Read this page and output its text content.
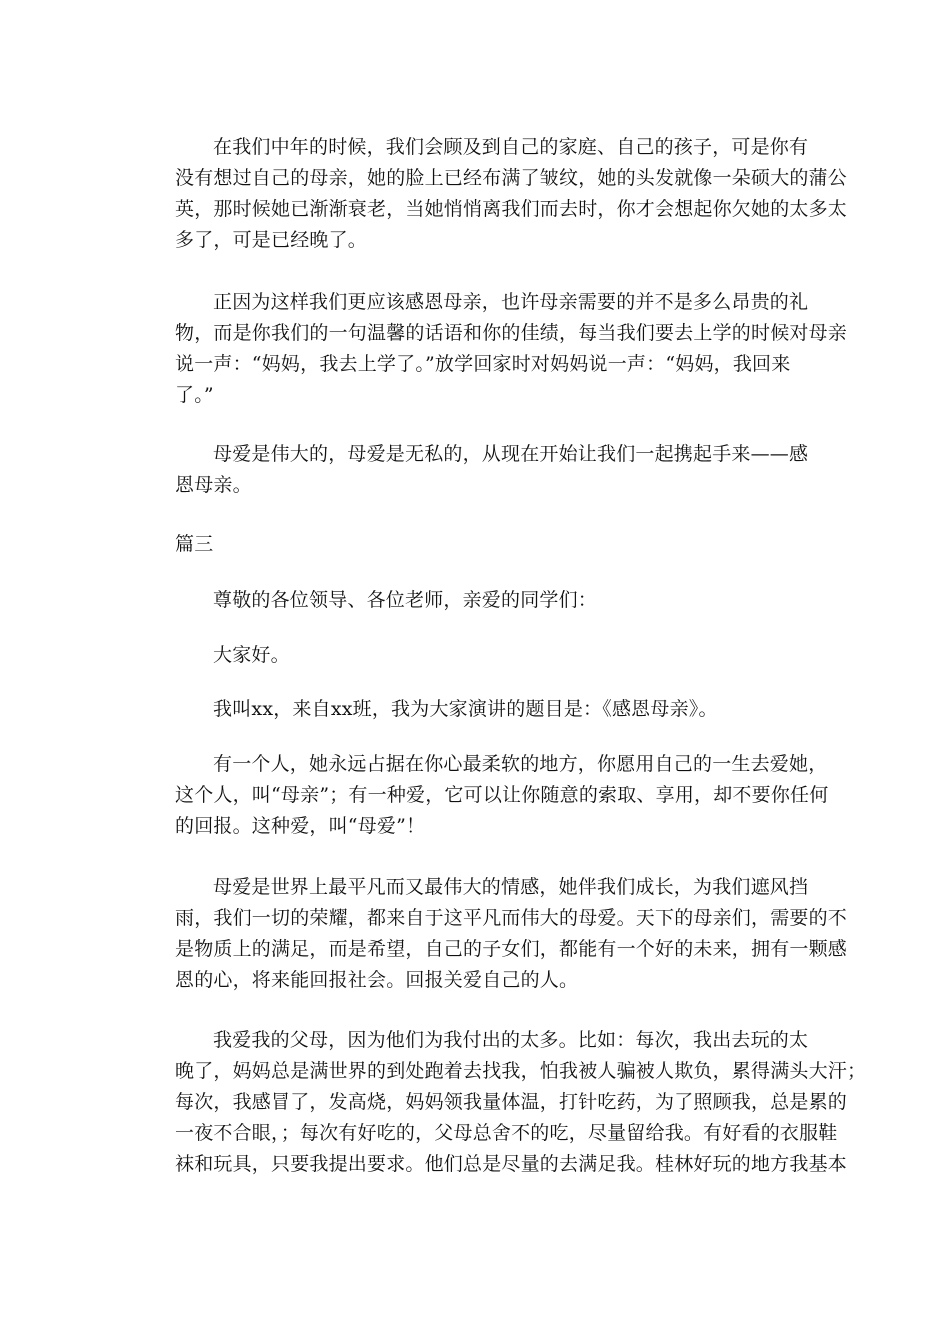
在我们中年的时候，我们会顾及到自己的家庭、自己的孩子，可是你有
没有想过自己的母亲，她的脸上已经布满了皱纹，她的头发就像一朵硕大的蒲公
英，那时候她已渐渐衰老，当她悄悄离我们而去时，你才会想起你欠她的太多太
多了，可是已经晚了。
正因为这样我们更应该感恩母亲，也许母亲需要的并不是多么昂贵的礼
物，而是你我们的一句温馨的话语和你的佳绩，每当我们要去上学的时候对母亲
说一声：“妈妈，我去上学了。”放学回家时对妈妈说一声：“妈妈，我回来
了。”
母爱是伟大的，母爱是无私的，从现在开始让我们一起携起手来——感
恩母亲。
篇三
尊敬的各位领导、各位老师，亲爱的同学们：
大家好。
我叫xx，来自xx班，我为大家演讲的题目是：《感恩母亲》。
有一个人，她永远占据在你心最柔软的地方，你愿用自己的一生去爱她，
这个人，叫“母亲”；有一种爱，它可以让你随意的索取、享用，却不要你任何
的回报。这种爱，叫“母爱”！
母爱是世界上最平凡而又最伟大的情感，她伴我们成长，为我们遮风挡
雨，我们一切的荣耀，都来自于这平凡而伟大的母爱。天下的母亲们，需要的不
是物质上的满足，而是希望，自己的子女们，都能有一个好的未来，拥有一颗感
恩的心，将来能回报社会。回报关爱自己的人。
我爱我的父母，因为他们为我付出的太多。比如：每次，我出去玩的太
晚了，妈妈总是满世界的到处跑着去找我，怕我被人骗被人欺负，累得满头大汗；
每次，我感冒了，发高烧，妈妈领我量体温，打针吃药，为了照顾我，总是累的
一夜不合眼，；每次有好吃的，父母总舍不的吃，尽量留给我。有好看的衣服鞋
袜和玩具，只要我提出要求。他们总是尽量的去满足我。桂林好玩的地方我基本
